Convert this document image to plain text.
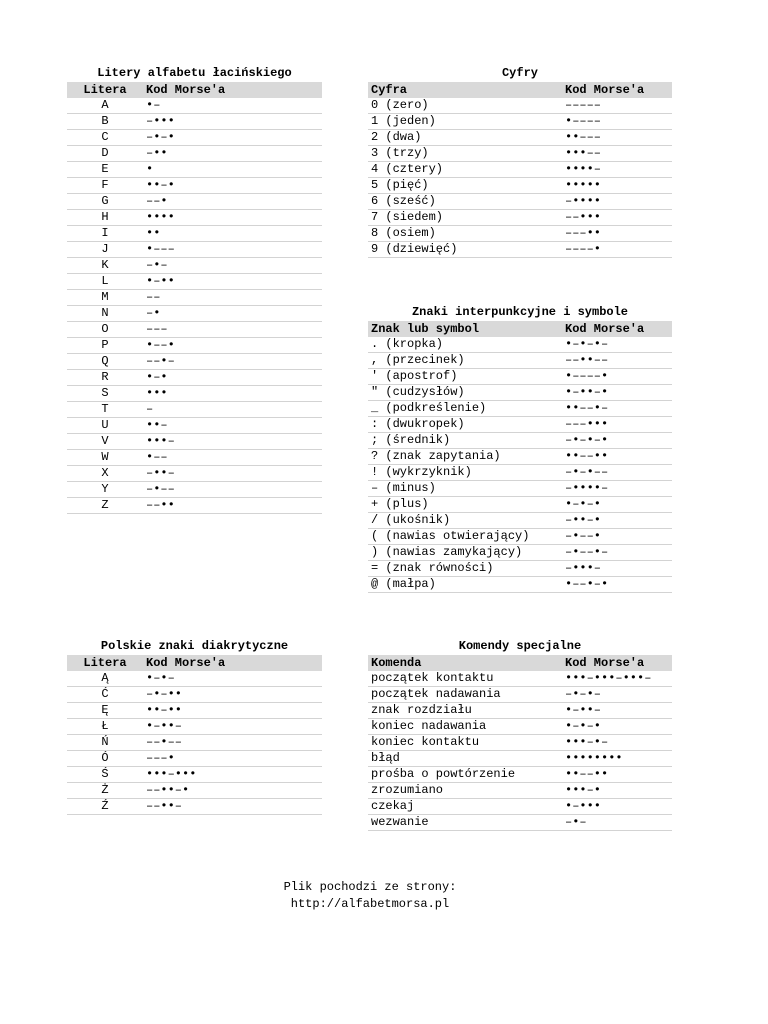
Litery alfabetu łacińskiego
Litera	Kod Morse'a
A	•–
B	–•••
C	–•–•
D	–••
E	•
F	••–•
G	––•
H	••••
I	••
J	•–––
K	–•–
L	•–••
M	––
N	–•
O	–––
P	•––•
Q	––•–
R	•–•
S	•••
T	–
U	••–
V	•••–
W	•––
X	–••–
Y	–•––
Z	––••
Cyfry
Cyfra	Kod Morse'a
0 (zero)	–––––
1 (jeden)	•––––
2 (dwa)	••–––
3 (trzy)	•••––
4 (cztery)	••••–
5 (pięć)	•••••
6 (sześć)	–••••
7 (siedem)	––•••
8 (osiem)	–––••
9 (dziewięć)	––––•
Znaki interpunkcyjne i symbole
Znak lub symbol	Kod Morse'a
. (kropka)	•–•–•–
, (przecinek)	––••––
' (apostrof)	•––––•
" (cudzysłów)	•–••–•
_ (podkreślenie)	••––•–
: (dwukropek)	–––•••
; (średnik)	–•–•–•
? (znak zapytania)	••––••
! (wykrzyknik)	–•–•––
– (minus)	–••••–
+ (plus)	•–•–•
/ (ukośnik)	–••–•
( (nawias otwierający)	–•––•
) (nawias zamykający)	–•––•–
= (znak równości)	–•••–
@ (małpa)	•––•–•
Polskie znaki diakrytyczne
Litera	Kod Morse'a
Ą	•–•–
Ć	–•–••
Ę	••–••
Ł	•–••–
Ń	––•––
Ó	–––•
Ś	•••–•••
Ż	––••–•
Ź	––••–
Komendy specjalne
Komenda	Kod Morse'a
początek kontaktu	•••–•••–•••–
początek nadawania	–•–•–
znak rozdziału	•–••–
koniec nadawania	•–•–•
koniec kontaktu	•••–•–
błąd	••••••••
prośba o powtórzenie	••––••
zrozumiano	•••–•
czekaj	•–•••
wezwanie	–•–
Plik pochodzi ze strony:
http://alfabetmorsa.pl
